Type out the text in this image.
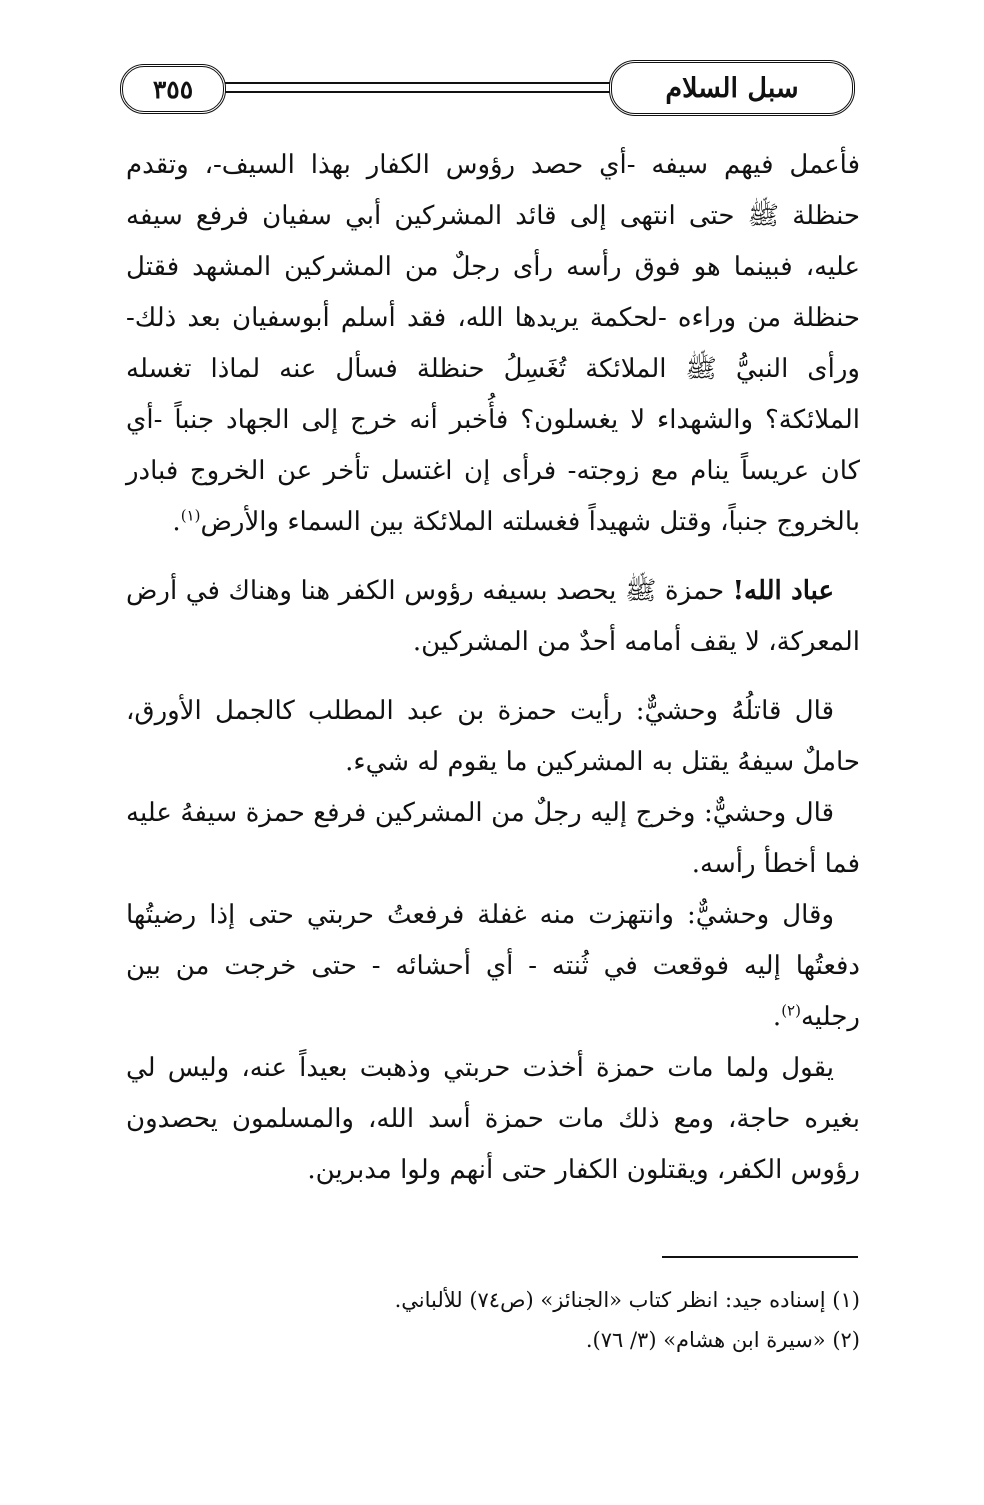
٣٥٥	سبل السلام

فأعمل فيهم سيفه -أي حصد رؤوس الكفار بهذا السيف-، وتقدم حنظلة ﷺ حتى انتهى إلى قائد المشركين أبي سفيان فرفع سيفه عليه، فبينما هو فوق رأسه رأى رجلٌ من المشركين المشهد فقتل حنظلة من وراءه -لحكمة يريدها الله، فقد أسلم أبوسفيان بعد ذلك- ورأى النبيُّ ﷺ الملائكة تُغَسِلُ حنظلة فسأل عنه لماذا تغسله الملائكة؟ والشهداء لا يغسلون؟ فأُخبر أنه خرج إلى الجهاد جنباً -أي كان عريساً ينام مع زوجته- فرأى إن اغتسل تأخر عن الخروج فبادر بالخروج جنباً، وقتل شهيداً فغسلته الملائكة بين السماء والأرض$^{(١)}$.

عباد الله! حمزة ﷺ يحصد بسيفه رؤوس الكفر هنا وهناك في أرض المعركة، لا يقف أمامه أحدٌ من المشركين.

قال قاتلُهُ وحشيٌّ: رأيت حمزة بن عبد المطلب كالجمل الأورق، حاملٌ سيفهُ يقتل به المشركين ما يقوم له شيء.

قال وحشيٌّ: وخرج إليه رجلٌ من المشركين فرفع حمزة سيفهُ عليه فما أخطأ رأسه.

وقال وحشيٌّ: وانتهزت منه غفلة فرفعتُ حربتي حتى إذا رضيتُها دفعتُها إليه فوقعت في ثُنته - أي أحشائه - حتى خرجت من بين رجليه$^{(٢)}$.

يقول ولما مات حمزة أخذت حربتي وذهبت بعيداً عنه، وليس لي بغيره حاجة، ومع ذلك مات حمزة أسد الله، والمسلمون يحصدون رؤوس الكفر، ويقتلون الكفار حتى أنهم ولوا مدبرين.

(١) إسناده جيد: انظر كتاب «الجنائز» (ص٧٤) للألباني.
(٢) «سيرة ابن هشام» (٣/ ٧٦).
